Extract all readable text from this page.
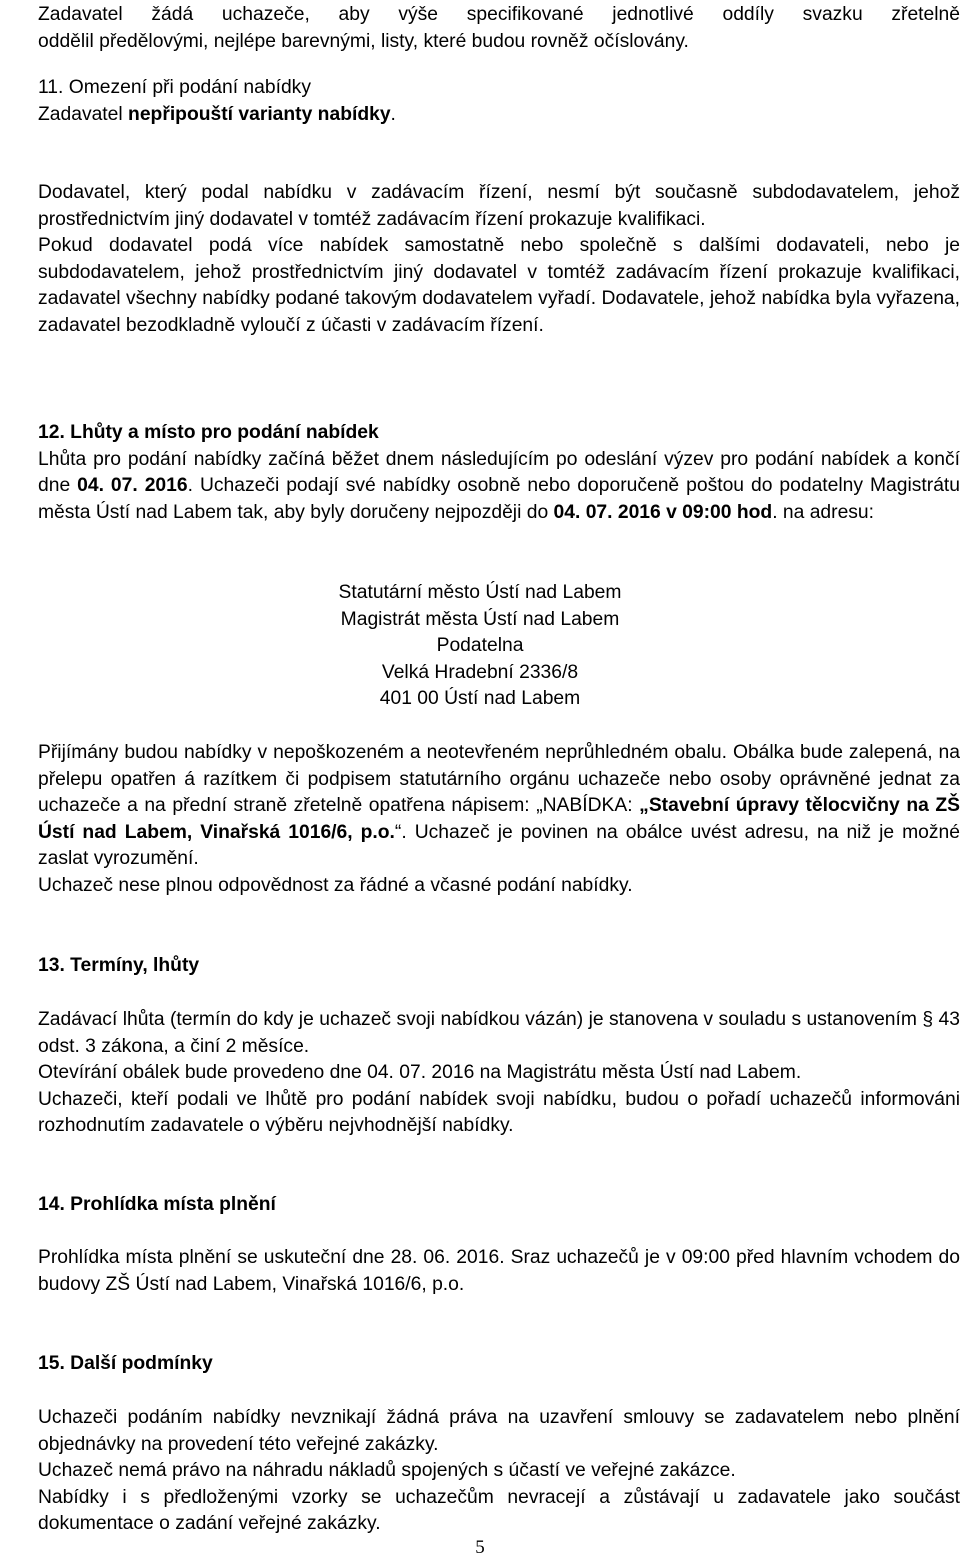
Zadavatel žádá uchazeče, aby výše specifikované jednotlivé oddíly svazku zřetelně

oddělil předělovými, nejlépe barevnými, listy, které budou rovněž očíslovány.

11. Omezení při podání nabídky

Zadavatel nepřipouští varianty nabídky.

Dodavatel, který podal nabídku v zadávacím řízení, nesmí být současně subdodavatelem, jehož prostřednictvím jiný dodavatel v tomtéž zadávacím řízení prokazuje kvalifikaci.

Pokud dodavatel podá více nabídek samostatně nebo společně s dalšími dodavateli, nebo je subdodavatelem, jehož prostřednictvím jiný dodavatel v tomtéž zadávacím řízení prokazuje kvalifikaci, zadavatel všechny nabídky podané takovým dodavatelem vyřadí. Dodavatele, jehož nabídka byla vyřazena, zadavatel bezodkladně vyloučí z účasti v zadávacím řízení.

12. Lhůty a místo pro podání nabídek

Lhůta pro podání nabídky začíná běžet dnem následujícím po odeslání výzev pro podání nabídek a končí dne 04. 07. 2016. Uchazeči podají své nabídky osobně nebo doporučeně poštou do podatelny Magistrátu města Ústí nad Labem tak, aby byly doručeny nejpozději do 04. 07. 2016 v 09:00 hod. na adresu:

Statutární město Ústí nad Labem

Magistrát města Ústí nad Labem

Podatelna

Velká Hradební 2336/8

401 00 Ústí nad Labem

Přijímány budou nabídky v nepoškozeném a neotevřeném neprůhledném obalu. Obálka bude zalepená, na přelepu opatřen á razítkem či podpisem statutárního orgánu uchazeče nebo osoby oprávněné jednat za uchazeče a na přední straně zřetelně opatřena nápisem: „NABÍDKA: „Stavební úpravy tělocvičny na ZŠ Ústí nad Labem, Vinařská 1016/6, p.o.“. Uchazeč je povinen na obálce uvést adresu, na niž je možné zaslat vyrozumění.

Uchazeč nese plnou odpovědnost za řádné a včasné podání nabídky.

13. Termíny, lhůty

Zadávací lhůta (termín do kdy je uchazeč svoji nabídkou vázán) je stanovena v souladu s ustanovením § 43 odst. 3 zákona, a činí 2 měsíce.

Otevírání obálek bude provedeno dne 04. 07. 2016 na Magistrátu města Ústí nad Labem.

Uchazeči, kteří podali ve lhůtě pro podání nabídek svoji nabídku, budou o pořadí uchazečů informováni rozhodnutím zadavatele o výběru nejvhodnější nabídky.

14. Prohlídka místa plnění

Prohlídka místa plnění se uskuteční dne 28. 06. 2016. Sraz uchazečů je v 09:00 před hlavním vchodem do budovy ZŠ Ústí nad Labem, Vinařská 1016/6, p.o.

15. Další podmínky

Uchazeči podáním nabídky nevznikají žádná práva na uzavření smlouvy se zadavatelem nebo plnění objednávky na provedení této veřejné zakázky.

Uchazeč nemá právo na náhradu nákladů spojených s účastí ve veřejné zakázce.

Nabídky i s předloženými vzorky se uchazečům nevracejí a zůstávají u zadavatele jako součást dokumentace o zadání veřejné zakázky.

5
